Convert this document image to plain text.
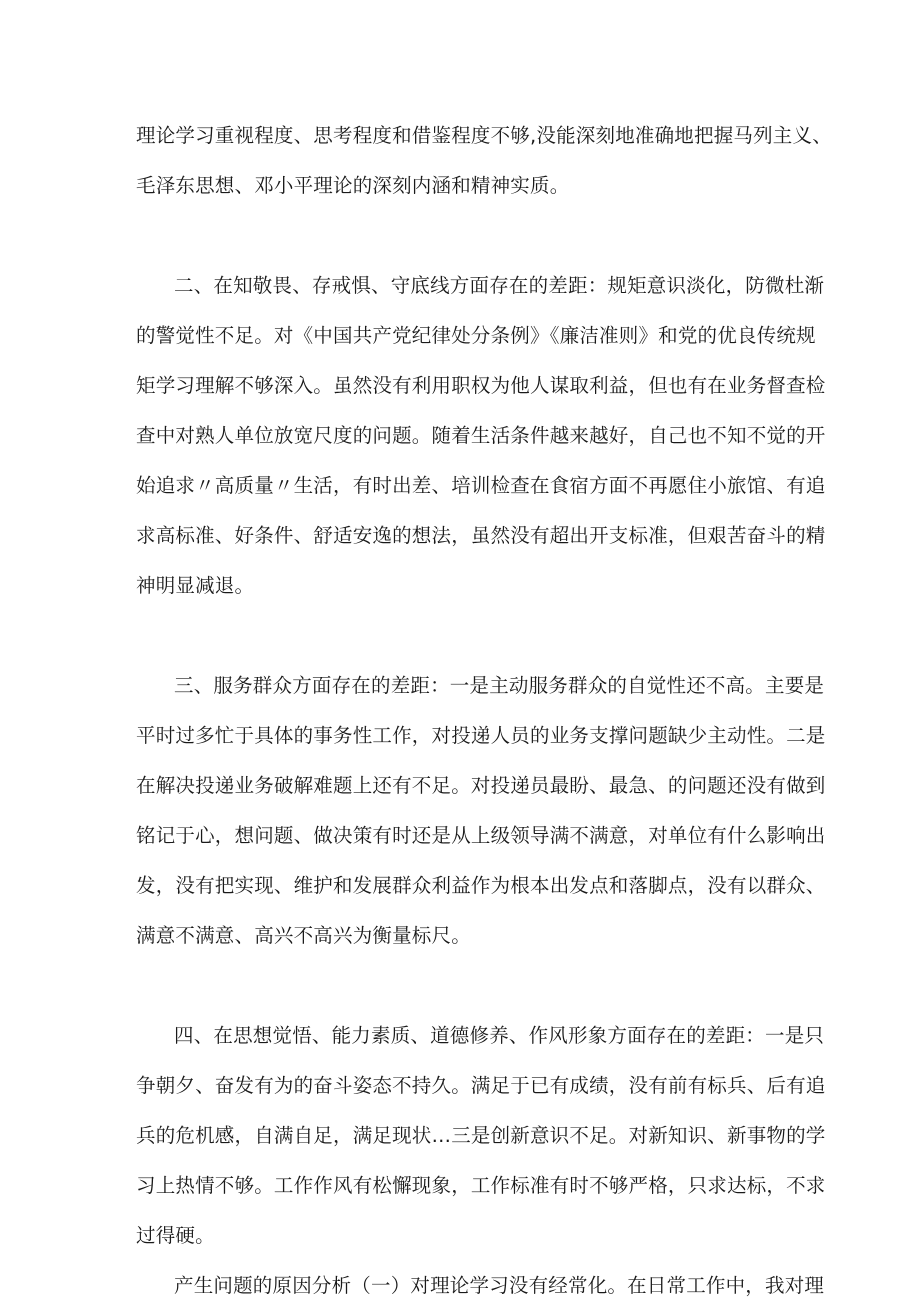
理论学习重视程度、思考程度和借鉴程度不够,没能深刻地准确地把握马列主义、
毛泽东思想、邓小平理论的深刻内涵和精神实质。
二、在知敬畏、存戒惧、守底线方面存在的差距：规矩意识淡化，防微杜渐
的警觉性不足。对《中国共产党纪律处分条例》《廉洁准则》和党的优良传统规
矩学习理解不够深入。虽然没有利用职权为他人谋取利益，但也有在业务督查检
查中对熟人单位放宽尺度的问题。随着生活条件越来越好，自己也不知不觉的开
始追求〃高质量〃生活，有时出差、培训检查在食宿方面不再愿住小旅馆、有追
求高标准、好条件、舒适安逸的想法，虽然没有超出开支标准，但艰苦奋斗的精
神明显减退。
三、服务群众方面存在的差距：一是主动服务群众的自觉性还不高。主要是
平时过多忙于具体的事务性工作，对投递人员的业务支撑问题缺少主动性。二是
在解决投递业务破解难题上还有不足。对投递员最盼、最急、的问题还没有做到
铭记于心，想问题、做决策有时还是从上级领导满不满意，对单位有什么影响出
发，没有把实现、维护和发展群众利益作为根本出发点和落脚点，没有以群众、
满意不满意、高兴不高兴为衡量标尺。
四、在思想觉悟、能力素质、道德修养、作风形象方面存在的差距：一是只
争朝夕、奋发有为的奋斗姿态不持久。满足于已有成绩，没有前有标兵、后有追
兵的危机感，自满自足，满足现状…三是创新意识不足。对新知识、新事物的学
习上热情不够。工作作风有松懈现象，工作标准有时不够严格，只求达标，不求
过得硬。
产生问题的原因分析（一）对理论学习没有经常化。在日常工作中，我对理
